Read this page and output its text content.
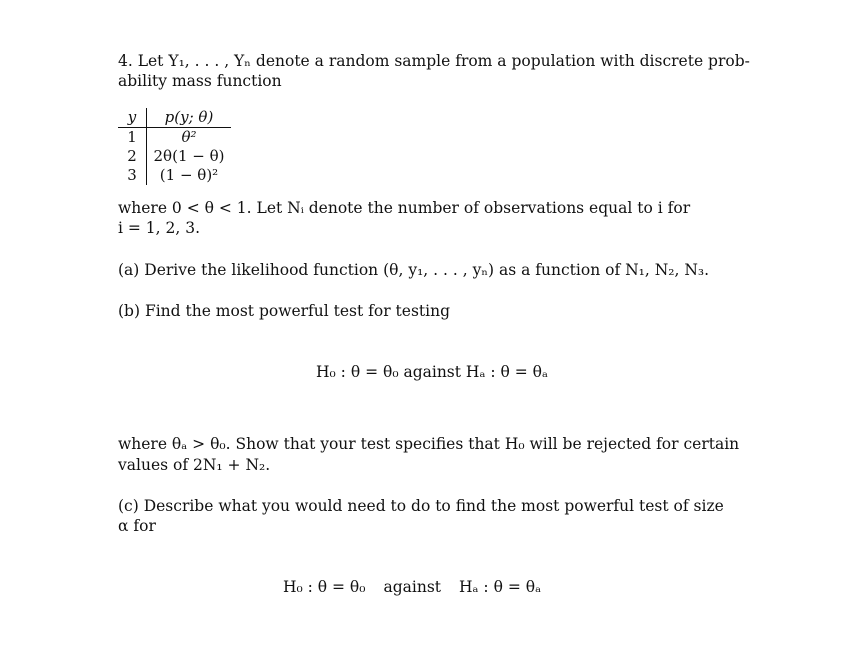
4. Let Y₁, . . . , Yₙ denote a random sample from a population with discrete prob-
ability mass function
y	p(y; θ)
1	θ²
2	2θ(1 − θ)
3	(1 − θ)²
where 0 < θ < 1. Let Nᵢ denote the number of observations equal to i for
i = 1, 2, 3.
(a) Derive the likelihood function (θ, y₁, . . . , yₙ) as a function of N₁, N₂, N₃.
(b) Find the most powerful test for testing
H₀ : θ = θ₀ against Hₐ : θ = θₐ
where θₐ > θ₀. Show that your test specifies that H₀ will be rejected for certain
values of 2N₁ + N₂.
(c) Describe what you would need to do to find the most powerful test of size
α for
H₀ : θ = θ₀ against Hₐ : θ = θₐ
